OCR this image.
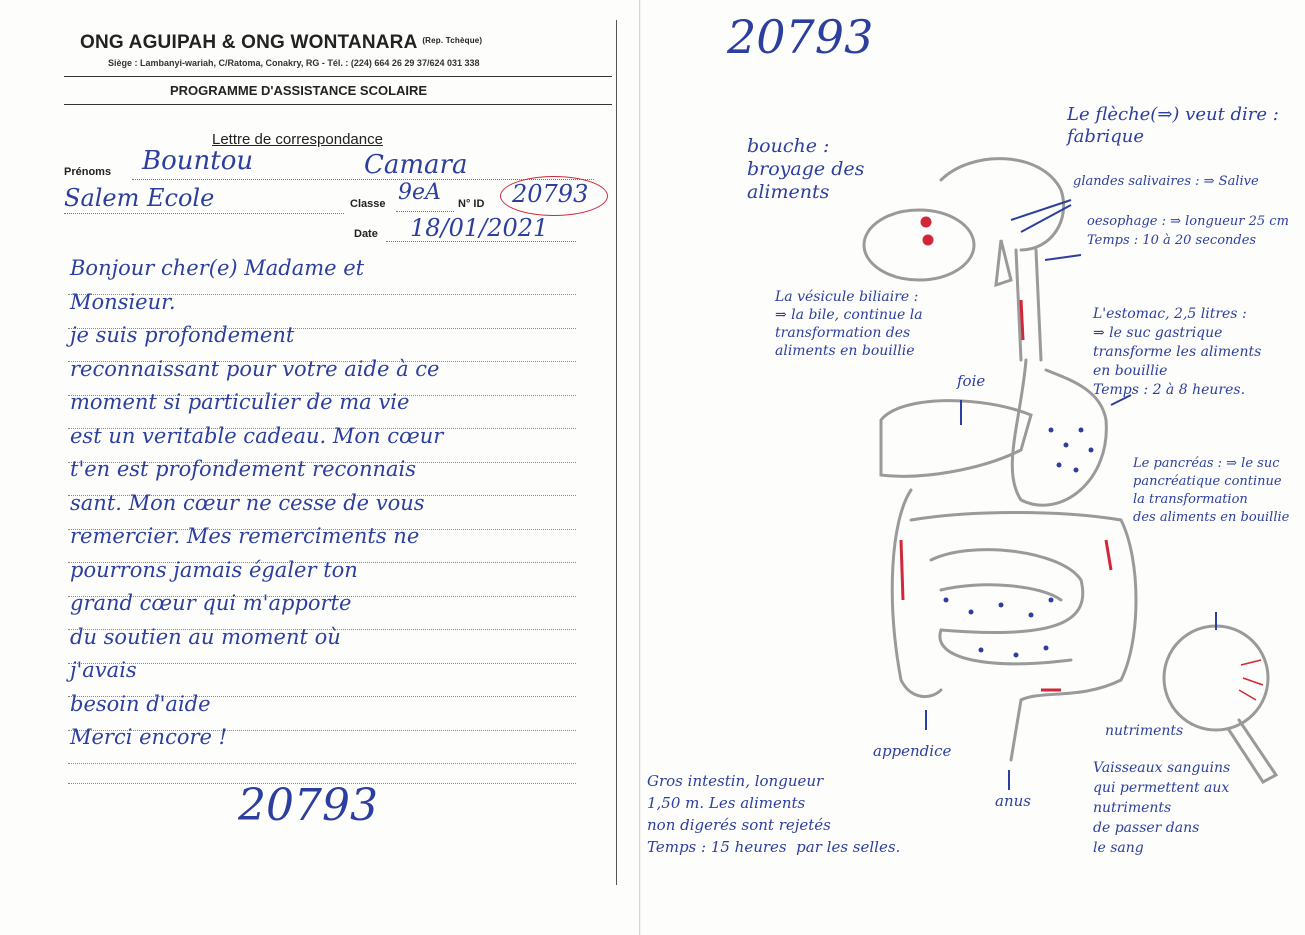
ONG AGUIPAH & ONG WONTANARA $^{(Rep. Tchèque)}$
Siège : Lambanyi-wariah, C/Ratoma, Conakry, RG - Tél. : (224) 664 26 29 37/624 031 338
PROGRAMME D'ASSISTANCE SCOLAIRE
Lettre de correspondance
Prénoms Bountou	Camara
Salem Ecole	Classe 9eA N° ID 20793
Date 18/01/2021
Bonjour cher(e) Madame et
Monsieur.
je suis profondement
reconnaissant pour votre aide à ce
moment si particulier de ma vie
est un veritable cadeau. Mon cœur
t'en est profondement reconnais
sant. Mon cœur ne cesse de vous
remercier. Mes remerciments ne
pourrons jamais égaler ton
grand cœur qui m'apporte
du soutien au moment où
j'avais
besoin d'aide
Merci encore !
20793
20793
bouche :
broyage des
aliments
Le flèche(⇒) veut dire :
fabrique
glandes salivaires : ⇒ Salive
oesophage : ⇒ longueur 25 cm
Temps : 10 à 20 secondes
La vésicule biliaire :
⇒ la bile, continue la
transformation des
aliments en bouillie
foie
L'estomac, 2,5 litres :
⇒ le suc gastrique
transforme les aliments
en bouillie
Temps : 2 à 8 heures.
Le pancréas : ⇒ le suc
pancréatique continue
la transformation
des aliments en bouillie
Gros intestin, longueur
1,50 m. Les aliments
non digerés sont rejetés
Temps : 15 heures  par les selles.
appendice
anus
nutriments
Vaisseaux sanguins
qui permettent aux
nutriments
de passer dans
le sang
